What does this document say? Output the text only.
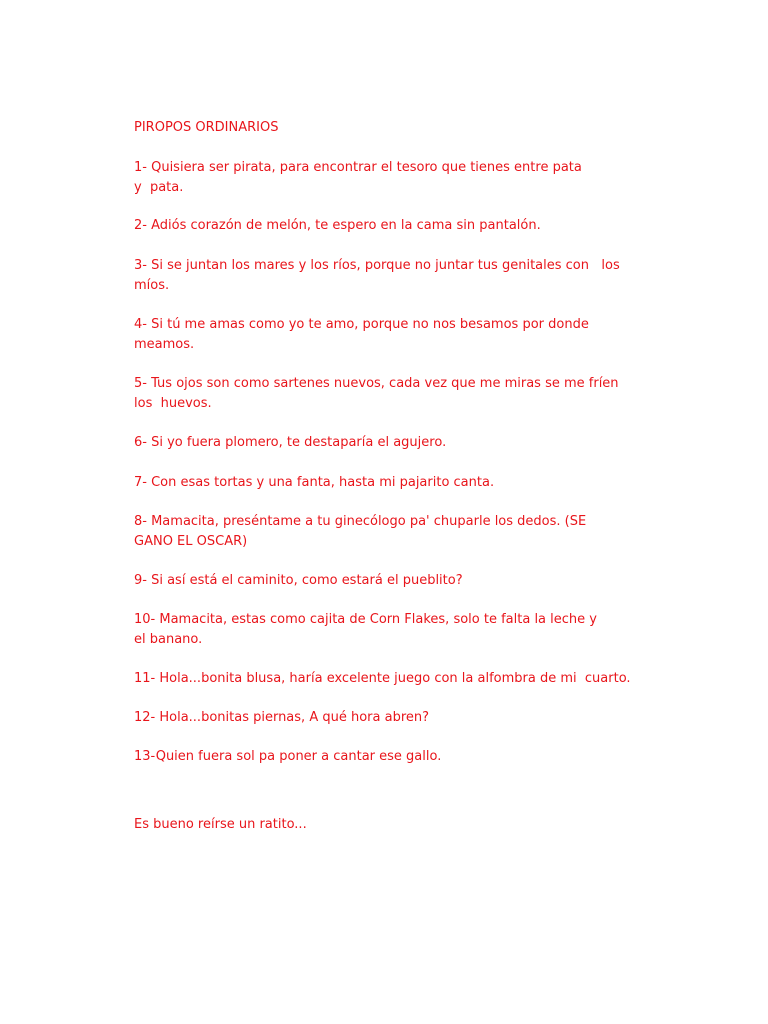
PIROPOS ORDINARIOS

1- Quisiera ser pirata, para encontrar el tesoro que tienes entre pata

y  pata.

2- Adiós corazón de melón, te espero en la cama sin pantalón.

3- Si se juntan los mares y los ríos, porque no juntar tus genitales con   los

míos.

4- Si tú me amas como yo te amo, porque no nos besamos por donde

meamos.

5- Tus ojos son como sartenes nuevos, cada vez que me miras se me fríen

los  huevos.

6- Si yo fuera plomero, te destaparía el agujero.

7- Con esas tortas y una fanta, hasta mi pajarito canta.

8- Mamacita, preséntame a tu ginecólogo pa' chuparle los dedos. (SE

GANO EL OSCAR)

9- Si así está el caminito, como estará el pueblito?

10- Mamacita, estas como cajita de Corn Flakes, solo te falta la leche y

el banano.

11- Hola...bonita blusa, haría excelente juego con la alfombra de mi  cuarto.

12- Hola...bonitas piernas, A qué hora abren?

13-Quien fuera sol pa poner a cantar ese gallo.

Es bueno reírse un ratito...
